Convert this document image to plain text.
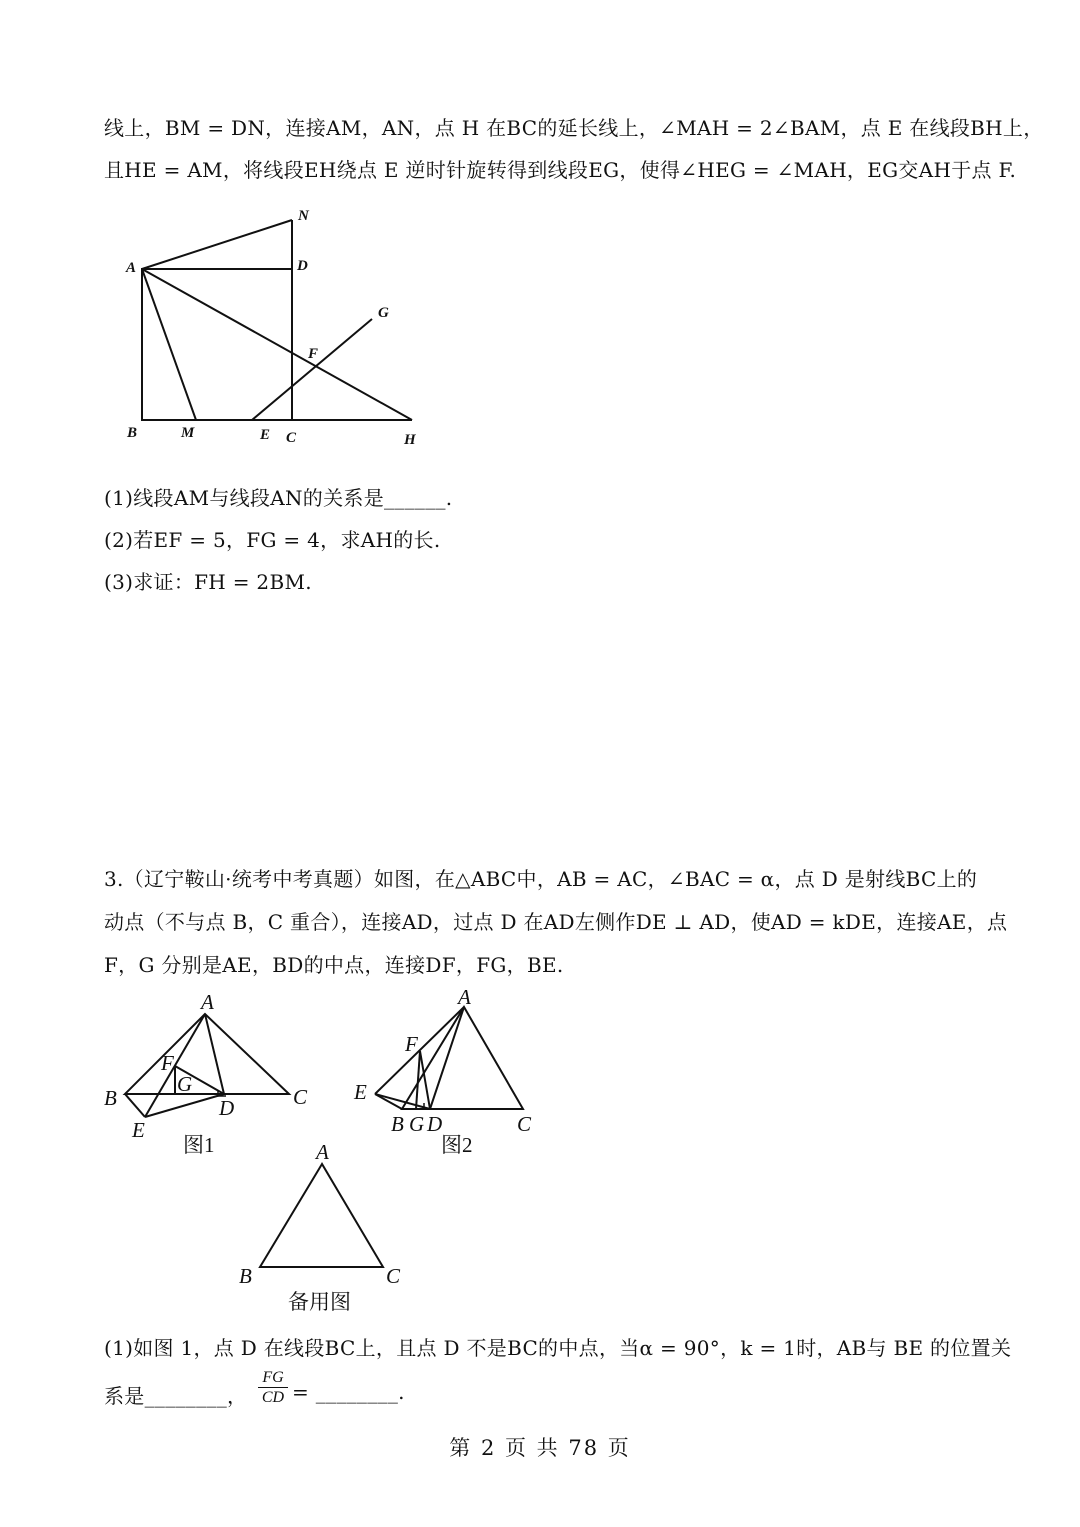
线上，BM = DN，连接AM，AN，点 H 在BC的延长线上，∠MAH = 2∠BAM，点 E 在线段BH上，
且HE = AM，将线段EH绕点 E 逆时针旋转得到线段EG，使得∠HEG = ∠MAH，EG交AH于点 F.
N
A	D
G
F
B	M	E C	H
A
F
G
B	D	C
E
图1
A
F
E
B G D	C
图2
A
B	C
备用图
(1)线段AM与线段AN的关系是______.
(2)若EF = 5，FG = 4，求AH的长.
(3)求证：FH = 2BM.
3.（辽宁鞍山·统考中考真题）如图，在△ABC中，AB = AC，∠BAC = α，点 D 是射线BC上的
动点（不与点 B，C 重合），连接AD，过点 D 在AD左侧作DE ⊥ AD，使AD = kDE，连接AE，点
F，G 分别是AE，BD的中点，连接DF，FG，BE.
(1)如图 1，点 D 在线段BC上，且点 D 不是BC的中点，当α = 90°，k = 1时，AB与 BE 的位置关
系是________， $\frac{FG}{CD}$ = ________.
第 2 页 共 78 页
